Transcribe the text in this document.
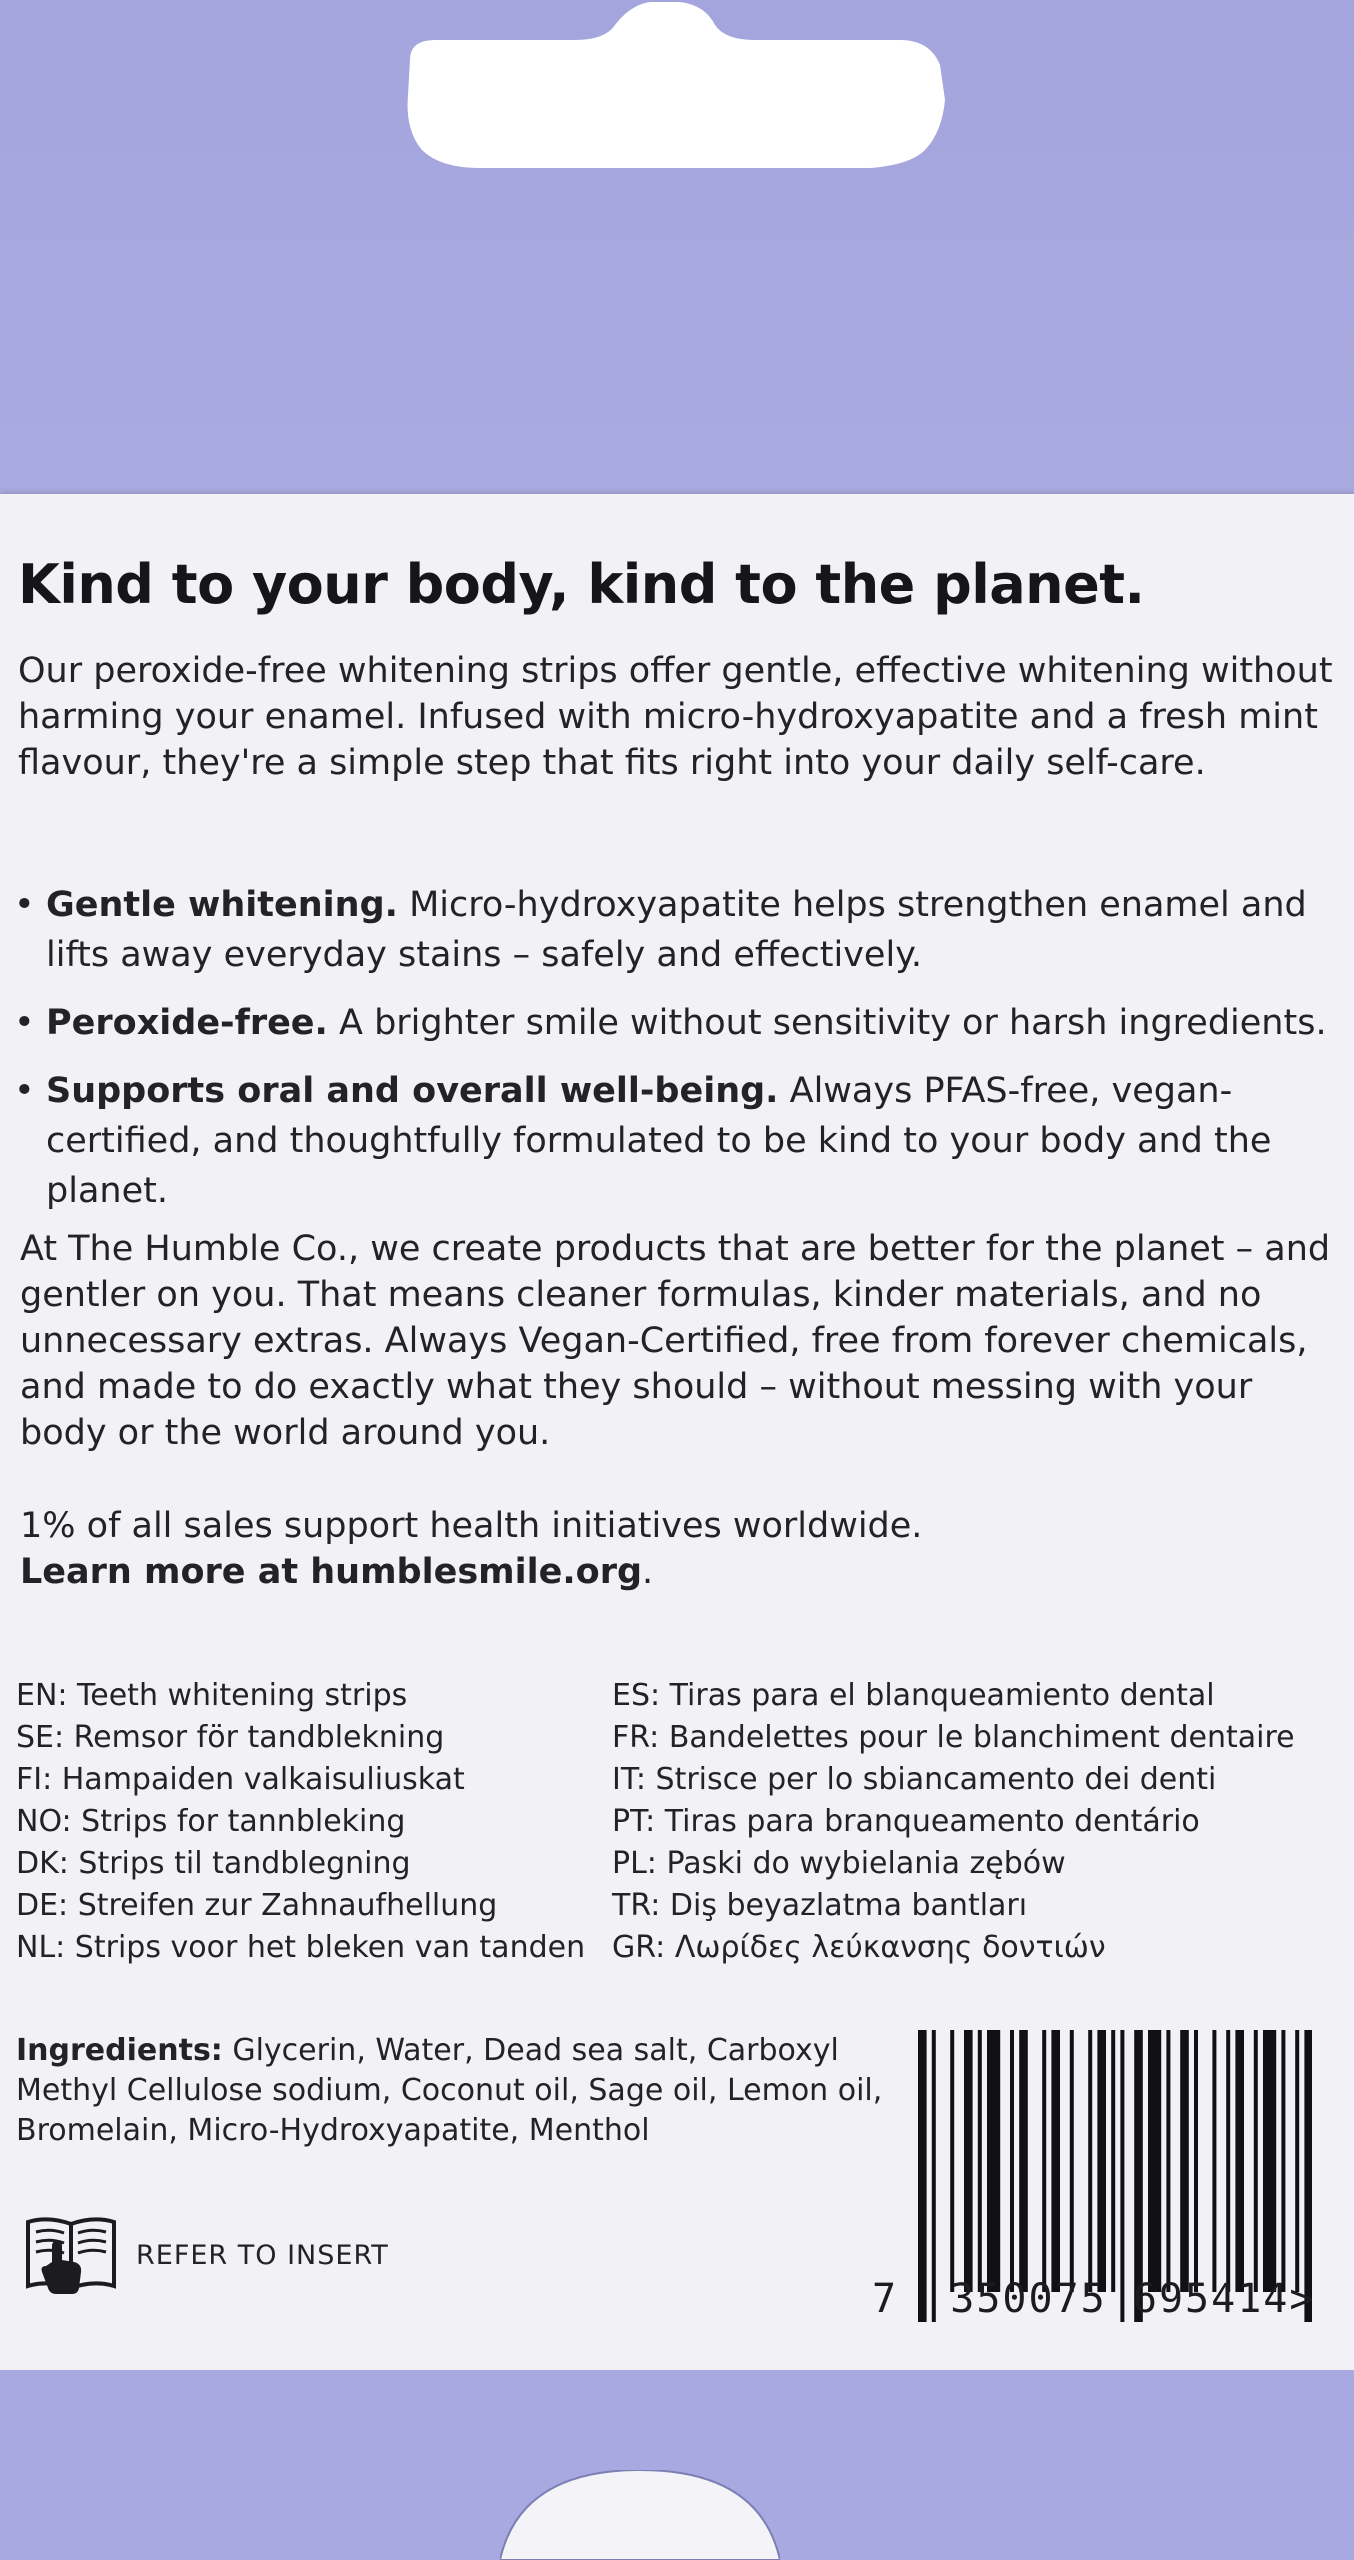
Kind to your body, kind to the planet.

Our peroxide-free whitening strips offer gentle, effective whitening without harming your enamel. Infused with micro-hydroxyapatite and a fresh mint flavour, they're a simple step that fits right into your daily self-care.

• Gentle whitening. Micro-hydroxyapatite helps strengthen enamel and lifts away everyday stains – safely and effectively.
• Peroxide-free. A brighter smile without sensitivity or harsh ingredients.
• Supports oral and overall well-being. Always PFAS-free, vegan-certified, and thoughtfully formulated to be kind to your body and the planet.

At The Humble Co., we create products that are better for the planet – and gentler on you. That means cleaner formulas, kinder materials, and no unnecessary extras. Always Vegan-Certified, free from forever chemicals, and made to do exactly what they should – without messing with your body or the world around you.

1% of all sales support health initiatives worldwide.
Learn more at humblesmile.org.

EN: Teeth whitening strips
SE: Remsor för tandblekning
FI: Hampaiden valkaisuliuskat
NO: Strips for tannbleking
DK: Strips til tandblegning
DE: Streifen zur Zahnaufhellung
NL: Strips voor het bleken van tanden
ES: Tiras para el blanqueamiento dental
FR: Bandelettes pour le blanchiment dentaire
IT: Strisce per lo sbiancamento dei denti
PT: Tiras para branqueamento dentário
PL: Paski do wybielania zębów
TR: Diş beyazlatma bantları
GR: Λωρίδες λεύκανσης δοντιών

Ingredients: Glycerin, Water, Dead sea salt, Carboxyl Methyl Cellulose sodium, Coconut oil, Sage oil, Lemon oil, Bromelain, Micro-Hydroxyapatite, Menthol

REFER TO INSERT
7 350075 695414>
